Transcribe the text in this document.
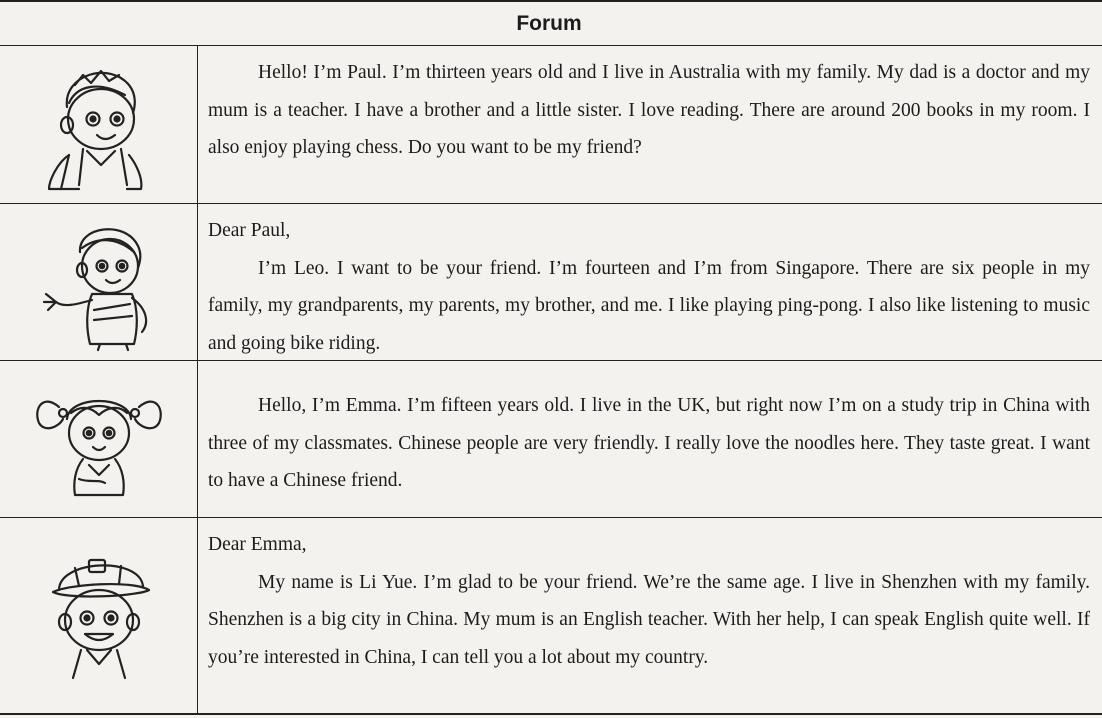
Forum
Hello! I’m Paul. I’m thirteen years old and I live in Australia with my family. My dad is a doctor and my mum is a teacher. I have a brother and a little sister. I love reading. There are around 200 books in my room. I also enjoy playing chess. Do you want to be my friend?
Dear Paul,
I’m Leo. I want to be your friend. I’m fourteen and I’m from Singapore. There are six people in my family, my grandparents, my parents, my brother, and me. I like playing ping-pong. I also like listening to music and going bike riding.
Hello, I’m Emma. I’m fifteen years old. I live in the UK, but right now I’m on a study trip in China with three of my classmates. Chinese people are very friendly. I really love the noodles here. They taste great. I want to have a Chinese friend.
Dear Emma,
My name is Li Yue. I’m glad to be your friend. We’re the same age. I live in Shenzhen with my family. Shenzhen is a big city in China. My mum is an English teacher. With her help, I can speak English quite well. If you’re interested in China, I can tell you a lot about my country.
